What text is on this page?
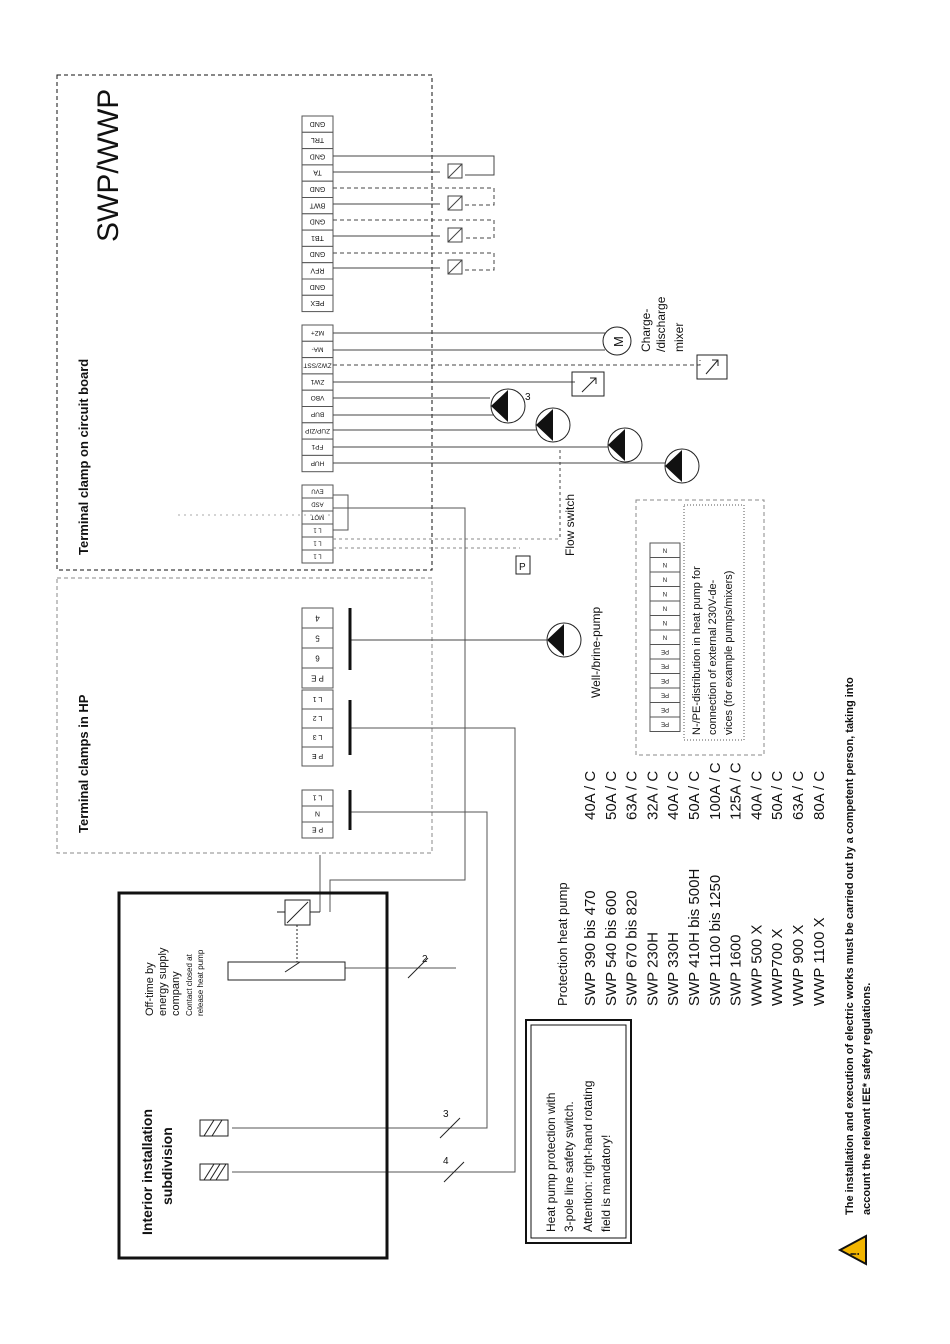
SWP/WWP
Terminal clamp on circuit board
Terminal clamps in HP
GND
TRL
GND
TA
GND
BWT
GND
TB1
GND
RFV
GND
PEX
MZ+
MA-
ZW2/SST
ZW1
VBO
BUP
ZUP/ZIP
FP1
HUP
EVU
ASD
MOT
L 1
L 1
L 1
4
5
6
P E
L 1
L 2
L 3
P E
L 1
N
P E
M Charge- /discharge mixer
3
P
Flow switch
Well-/brine-pump
N
N
N
N
N
N
N
PE
PE
PE
PE
PE
PE N-/PE-distribution in heat pump for connection of external 230V-de- vices (for example pumps/mixers)
Interior installation subdivision
Off-time by energy supply company Contact closed at release heat pump	2
3
4	Heat pump protection with 3-pole line safety switch. Attention: right-hand rotating field is mandatory!
Protection heat pump SWP 390 bis 470
40A / C
SWP 540 bis 600
50A / C
SWP 670 bis 820
63A / C
SWP 230H
32A / C
SWP 330H
40A / C
SWP 410H bis 500H
50A / C
SWP 1100 bis 1250
100A / C
SWP 1600
125A / C
WWP 500 X
40A / C
WWP700 X
50A / C
WWP 900 X
63A / C
WWP 1100 X
80A / C
!
The installation and execution of electric works must be carried out by a competent person, taking into account the relevant IEE* safety regulations.
